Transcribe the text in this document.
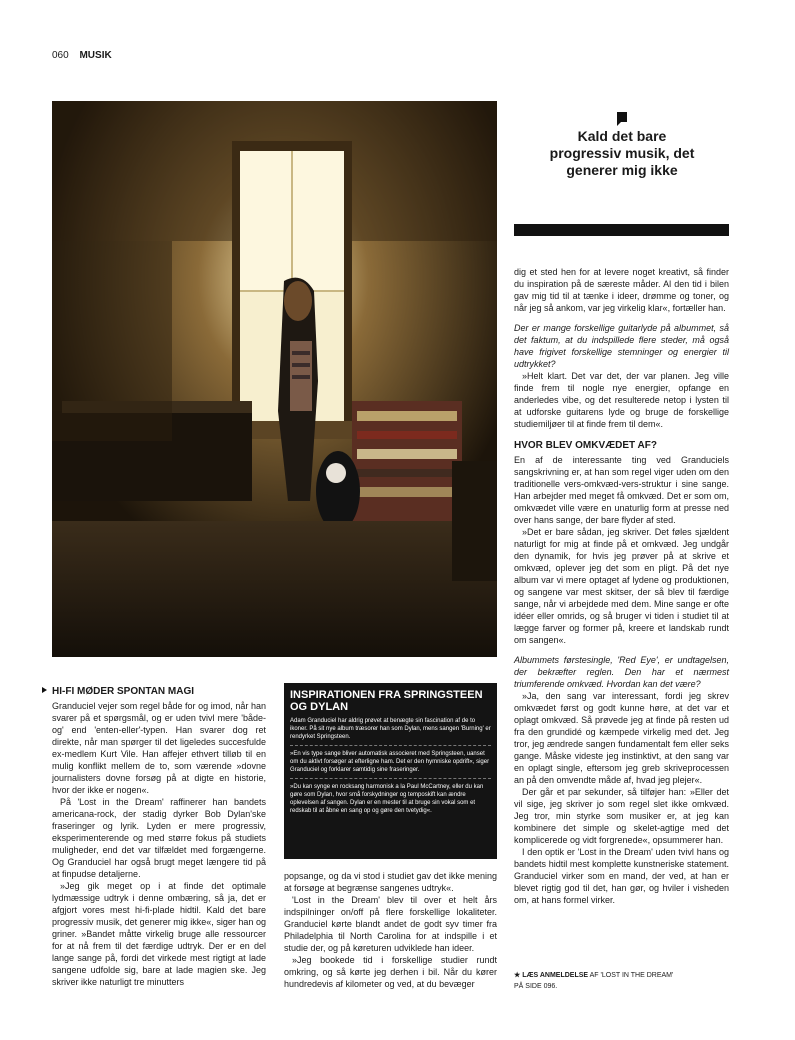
060 MUSIK
Kald det bare progressiv musik, det generer mig ikke
HI-FI MØDER SPONTAN MAGI

Granduciel vejer som regel både for og imod, når han svarer på et spørgsmål, og er uden tvivl mere 'både-og' end 'enten-eller'-typen. Han svarer dog ret direkte, når man spørger til det ligeledes succesfulde ex-medlem Kurt Vile. Han affejer ethvert tilløb til en mulig konflikt mellem de to, som værende »dovne journalisters dovne forsøg på at digte en historie, hvor der ikke er nogen«.

På 'Lost in the Dream' raffinerer han bandets americana-rock, der stadig dyrker Bob Dylan'ske fraseringer og lyrik. Lyden er mere progressiv, eksperimenterende og med større fokus på studiets muligheder, end det var tilfældet med forgængerne. Og Granduciel har også brugt meget længere tid på at finpudse detaljerne.

»Jeg gik meget op i at finde det optimale lydmæssige udtryk i denne ombæring, så ja, det er afgjort vores mest hi-fi-plade hidtil. Kald det bare progressiv musik, det generer mig ikke«, siger han og griner. »Bandet måtte virkelig bruge alle ressourcer for at nå frem til det færdige udtryk. Der er en del lange sange på, fordi det virkede mest rigtigt at lade sangene udfolde sig, bare at lade magien ske. Jeg skriver ikke naturligt tre minutters

INSPIRATIONEN FRA SPRINGSTEEN OG DYLAN

Adam Granduciel har aldrig prøvet at benægte sin fascination af de to ikoner. På sit nye album træsorer han som Dylan, mens sangen 'Burning' er rendyrket Springsteen.

»En vis type sange bliver automatisk associeret med Springsteen, uanset om du aktivt forsøger at efterligne ham. Det er den hymniske opdrift«, siger Granduciel og forklarer samtidig sine fraseringer.

»Du kan synge en rocksang harmonisk a la Paul McCartney, eller du kan gøre som Dylan, hvor små forskydninger og temposkift kan ændre oplevelsen af sangen. Dylan er en mester til at bruge sin vokal som et redskab til at åbne en sang op og gøre den tvetydig«.

popsange, og da vi stod i studiet gav det ikke mening at forsøge at begrænse sangenes udtryk«.

'Lost in the Dream' blev til over et helt års indspilninger on/off på flere forskellige lokaliteter. Granduciel kørte blandt andet de godt syv timer fra Philadelphia til North Carolina for at indspille i et studie der, og på køreturen udviklede han ideer.

»Jeg bookede tid i forskellige studier rundt omkring, og så kørte jeg derhen i bil. Når du kører hundredevis af kilometer og ved, at du bevæger

dig et sted hen for at levere noget kreativt, så finder du inspiration på de særeste måder. Al den tid i bilen gav mig tid til at tænke i ideer, drømme og toner, og når jeg så ankom, var jeg virkelig klar«, fortæller han.

Der er mange forskellige guitarlyde på albummet, så det faktum, at du indspillede flere steder, må også have frigivet forskellige stemninger og energier til udtrykket?

»Helt klart. Det var det, der var planen. Jeg ville finde frem til nogle nye energier, opfange en anderledes vibe, og det resulterede netop i lysten til at udforske guitarens lyde og bruge de forskellige studiemiljøer til at finde frem til dem«.

HVOR BLEV OMKVÆDET AF?

En af de interessante ting ved Granduciels sangskrivning er, at han som regel viger uden om den traditionelle vers-omkvæd-vers-struktur i sine sange. Han arbejder med meget få omkvæd. Det er som om, omkvædet ville være en unaturlig form at presse ned over hans sange, der bare flyder af sted.

»Det er bare sådan, jeg skriver. Det føles sjældent naturligt for mig at finde på et omkvæd. Jeg undgår den dynamik, for hvis jeg prøver på at skrive et omkvæd, oplever jeg det som en pligt. På det nye album var vi mere optaget af lydene og produktionen, og sangene var mest skitser, der så blev til færdige sange, når vi arbejdede med dem. Mine sange er ofte idéer eller omrids, og så bruger vi tiden i studiet til at lægge farver og former på, kreere et landskab rundt om sangen«.

Albummets førstesingle, 'Red Eye', er undtagelsen, der bekræfter reglen. Den har et nærmest triumferende omkvæd. Hvordan kan det være?

»Ja, den sang var interessant, fordi jeg skrev omkvædet først og godt kunne høre, at det var et oplagt omkvæd. Så prøvede jeg at finde på resten ud fra den grundidé og kæmpede virkelig med det. Jeg tror, jeg ændrede sangen fundamentalt fem eller seks gange. Måske videste jeg instinktivt, at den sang var en oplagt single, eftersom jeg greb skriveprocessen an på den omvendte måde af, hvad jeg plejer«.

Der går et par sekunder, så tilføjer han: »Eller det vil sige, jeg skriver jo som regel slet ikke omkvæd. Jeg tror, min styrke som musiker er, at jeg kan kombinere det simple og skelet-agtige med det komplicerede og vidt forgrenede«, opsummerer han.

I den optik er 'Lost in the Dream' uden tvivl hans og bandets hidtil mest komplette kunstneriske statement. Granduciel virker som en mand, der ved, at han er blevet rigtig god til det, han gør, og hviler i visheden om, at hans formel virker.

★ LÆS ANMELDELSE AF 'LOST IN THE DREAM'
PÅ SIDE 096.
